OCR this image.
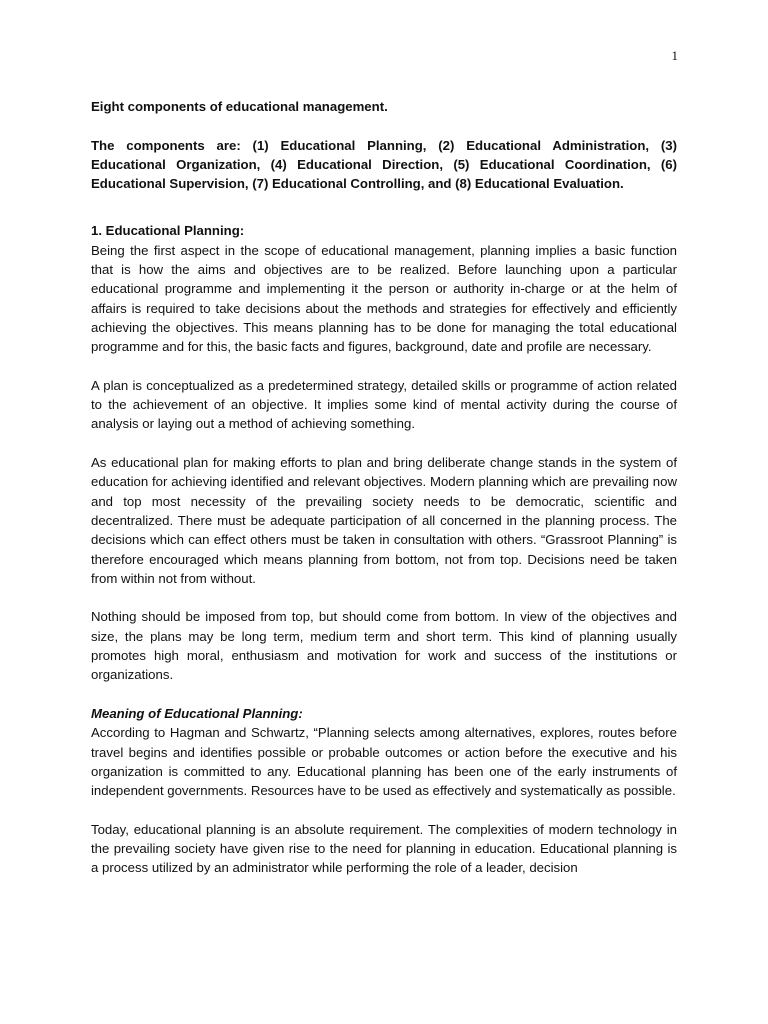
1

Eight components of educational management.

The components are: (1) Educational Planning, (2) Educational Administration, (3) Educational Organization, (4) Educational Direction, (5) Educational Coordination, (6) Educational Supervision, (7) Educational Controlling, and (8) Educational Evaluation.

1. Educational Planning:

Being the first aspect in the scope of educational management, planning implies a basic function that is how the aims and objectives are to be realized. Before launching upon a particular educational programme and implementing it the person or authority in-charge or at the helm of affairs is required to take decisions about the methods and strategies for effectively and efficiently achieving the objectives. This means planning has to be done for managing the total educational programme and for this, the basic facts and figures, background, date and profile are necessary.

A plan is conceptualized as a predetermined strategy, detailed skills or programme of action related to the achievement of an objective. It implies some kind of mental activity during the course of analysis or laying out a method of achieving something.

As educational plan for making efforts to plan and bring deliberate change stands in the system of education for achieving identified and relevant objectives. Modern planning which are prevailing now and top most necessity of the prevailing society needs to be democratic, scientific and decentralized. There must be adequate participation of all concerned in the planning process. The decisions which can effect others must be taken in consultation with others. “Grassroot Planning” is therefore encouraged which means planning from bottom, not from top. Decisions need be taken from within not from without.

Nothing should be imposed from top, but should come from bottom. In view of the objectives and size, the plans may be long term, medium term and short term. This kind of planning usually promotes high moral, enthusiasm and motivation for work and success of the institutions or organizations.

Meaning of Educational Planning:

According to Hagman and Schwartz, “Planning selects among alternatives, explores, routes before travel begins and identifies possible or probable outcomes or action before the executive and his organization is committed to any. Educational planning has been one of the early instruments of independent governments. Resources have to be used as effectively and systematically as possible.

Today, educational planning is an absolute requirement. The complexities of modern technology in the prevailing society have given rise to the need for planning in education. Educational planning is a process utilized by an administrator while performing the role of a leader, decision
